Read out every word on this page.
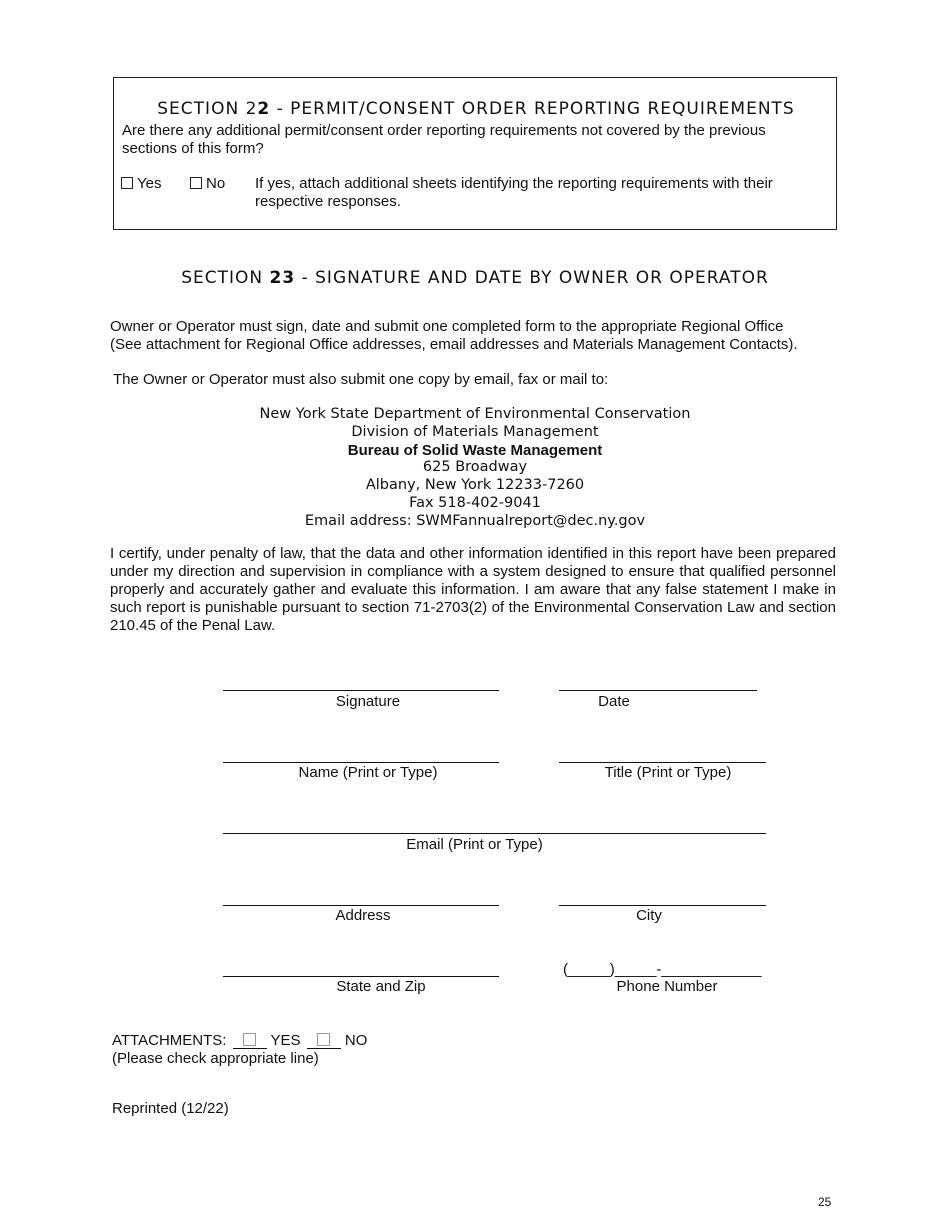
SECTION 22 - PERMIT/CONSENT ORDER REPORTING REQUIREMENTS
Are there any additional permit/consent order reporting requirements not covered by the previous sections of this form?
Yes	No If yes, attach additional sheets identifying the reporting requirements with their respective responses.
SECTION 23 - SIGNATURE AND DATE BY OWNER OR OPERATOR
Owner or Operator must sign, date and submit one completed form to the appropriate Regional Office
(See attachment for Regional Office addresses, email addresses and Materials Management Contacts).
The Owner or Operator must also submit one copy by email, fax or mail to:
New York State Department of Environmental Conservation
Division of Materials Management
Bureau of Solid Waste Management
625 Broadway
Albany, New York 12233-7260
Fax 518-402-9041
Email address: SWMFannualreport@dec.ny.gov
I certify, under penalty of law, that the data and other information identified in this report have been prepared under my direction and supervision in compliance with a system designed to ensure that qualified personnel properly and accurately gather and evaluate this information. I am aware that any false statement I make in such report is punishable pursuant to section 71-2703(2) of the Environmental Conservation Law and section 210.45 of the Penal Law.
Signature	Date
Name (Print or Type)	Title (Print or Type)
Email (Print or Type)
Address	City
(_____)_____-____________
State and Zip	Phone Number
ATTACHMENTS:	YES	NO
(Please check appropriate line)
Reprinted (12/22)
25
